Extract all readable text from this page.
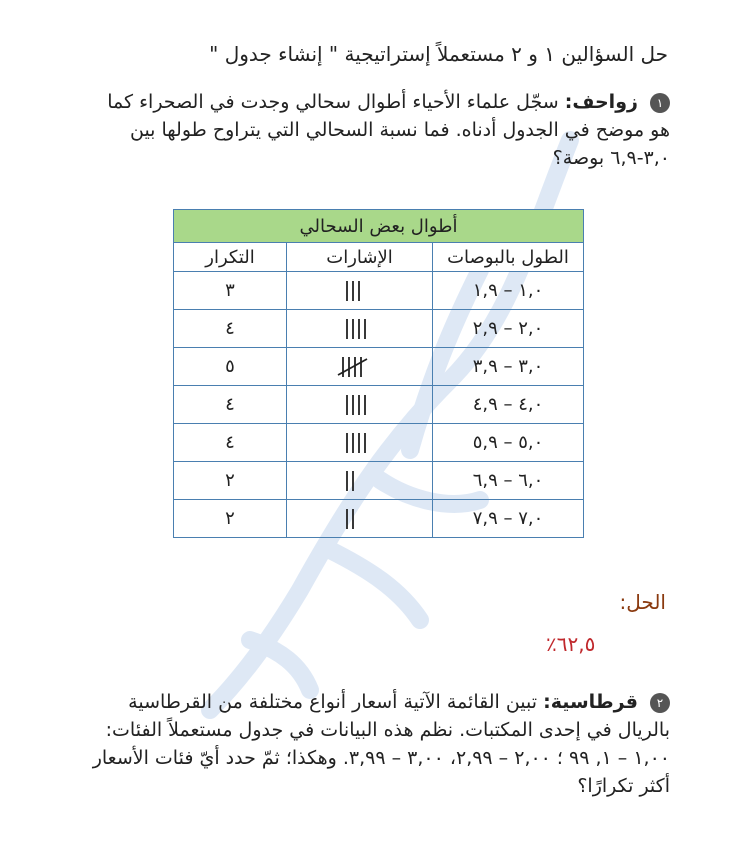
حل السؤالين ١ و ٢ مستعملاً إستراتيجية " إنشاء جدول "
١ زواحف: سجّل علماء الأحياء أطوال سحالي وجدت في الصحراء كما هو موضح في الجدول أدناه. فما نسبة السحالي التي يتراوح طولها بين ٣,٠-٦,٩ بوصة؟
أطوال بعض السحالي		
الطول بالبوصات	الإشارات	التكرار
١,٠ – ١,٩		٣
٢,٠ – ٢,٩		٤
٣,٠ – ٣,٩		٥
٤,٠ – ٤,٩		٤
٥,٠ – ٥,٩		٤
٦,٠ – ٦,٩		٢
٧,٠ – ٧,٩		٢
الحل:
٦٢,٥٪
٢ قرطاسية: تبين القائمة الآتية أسعار أنواع مختلفة من القرطاسية بالريال في إحدى المكتبات. نظم هذه البيانات في جدول مستعملاً الفئات: ١,٠٠ – ١, ٩٩ ؛ ٢,٠٠ – ٢,٩٩، ٣,٠٠ – ٣,٩٩. وهكذا؛ ثمّ حدد أيّ فئات الأسعار أكثر تكرارًا؟
